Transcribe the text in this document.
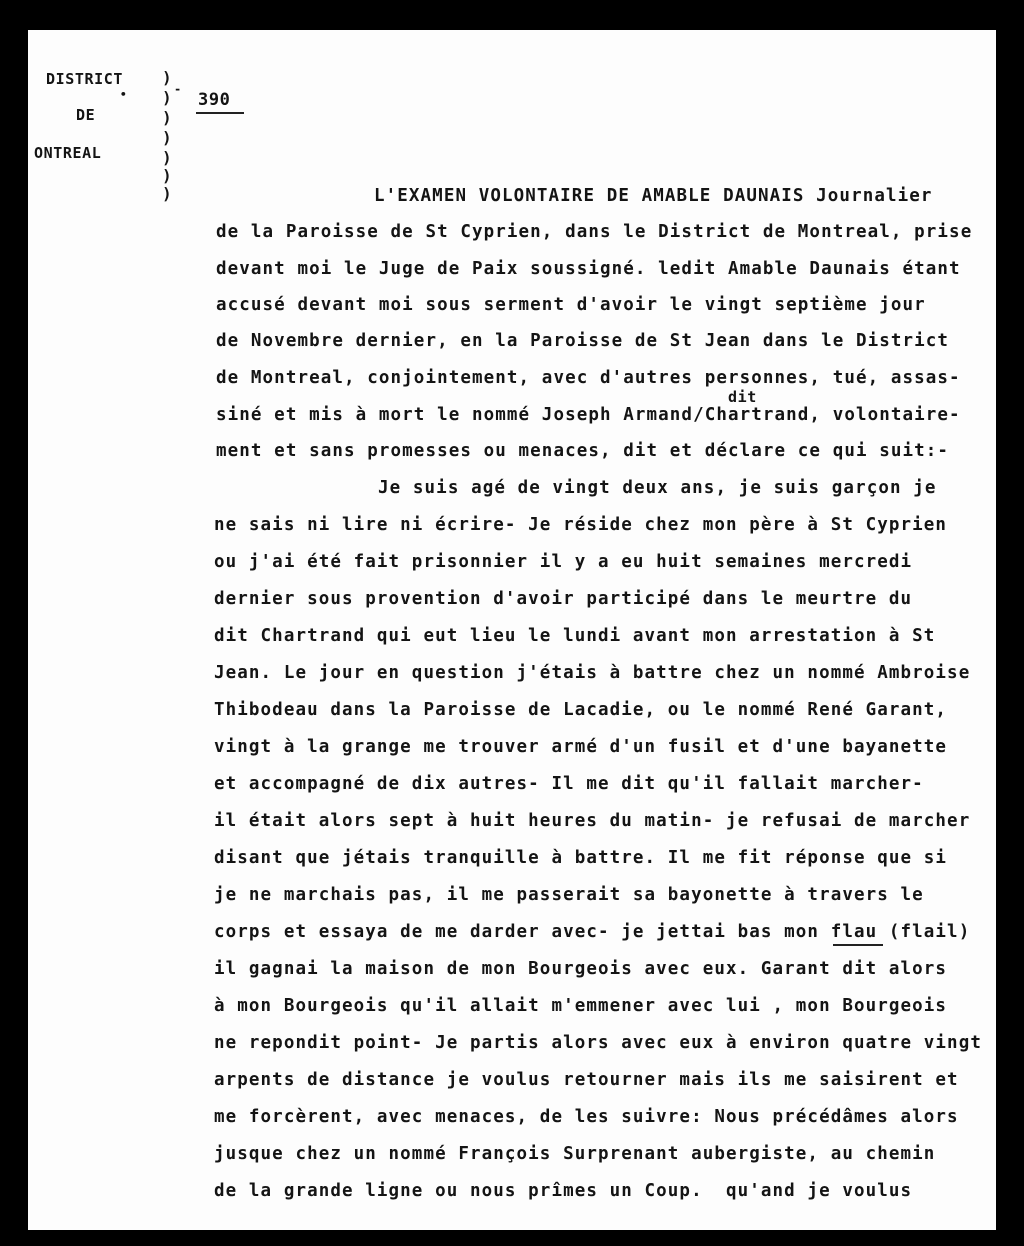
DISTRICT
DE
•
ONTREAL
)
) -
)
)
)
)
)
390
L'EXAMEN VOLONTAIRE DE AMABLE DAUNAIS Journalier
de la Paroisse de St Cyprien, dans le District de Montreal, prise
devant moi le Juge de Paix soussigné. ledit Amable Daunais étant
accusé devant moi sous serment d'avoir le vingt septième jour
de Novembre dernier, en la Paroisse de St Jean dans le District
de Montreal, conjointement, avec d'autres personnes, tué, assas-
dit
siné et mis à mort le nommé Joseph Armand/Chartrand, volontaire-
ment et sans promesses ou menaces, dit et déclare ce qui suit:-
Je suis agé de vingt deux ans, je suis garçon je
ne sais ni lire ni écrire- Je réside chez mon père à St Cyprien
ou j'ai été fait prisonnier il y a eu huit semaines mercredi
dernier sous provention d'avoir participé dans le meurtre du
dit Chartrand qui eut lieu le lundi avant mon arrestation à St
Jean. Le jour en question j'étais à battre chez un nommé Ambroise
Thibodeau dans la Paroisse de Lacadie, ou le nommé René Garant,
vingt à la grange me trouver armé d'un fusil et d'une bayanette
et accompagné de dix autres- Il me dit qu'il fallait marcher-
il était alors sept à huit heures du matin- je refusai de marcher
disant que jétais tranquille à battre. Il me fit réponse que si
je ne marchais pas, il me passerait sa bayonette à travers le
corps et essaya de me darder avec- je jettai bas mon flau (flail)
il gagnai la maison de mon Bourgeois avec eux. Garant dit alors
à mon Bourgeois qu'il allait m'emmener avec lui , mon Bourgeois
ne repondit point- Je partis alors avec eux à environ quatre vingt
arpents de distance je voulus retourner mais ils me saisirent et
me forcèrent, avec menaces, de les suivre: Nous précédâmes alors
jusque chez un nommé François Surprenant aubergiste, au chemin
de la grande ligne ou nous prîmes un Coup.  qu'and je voulus
